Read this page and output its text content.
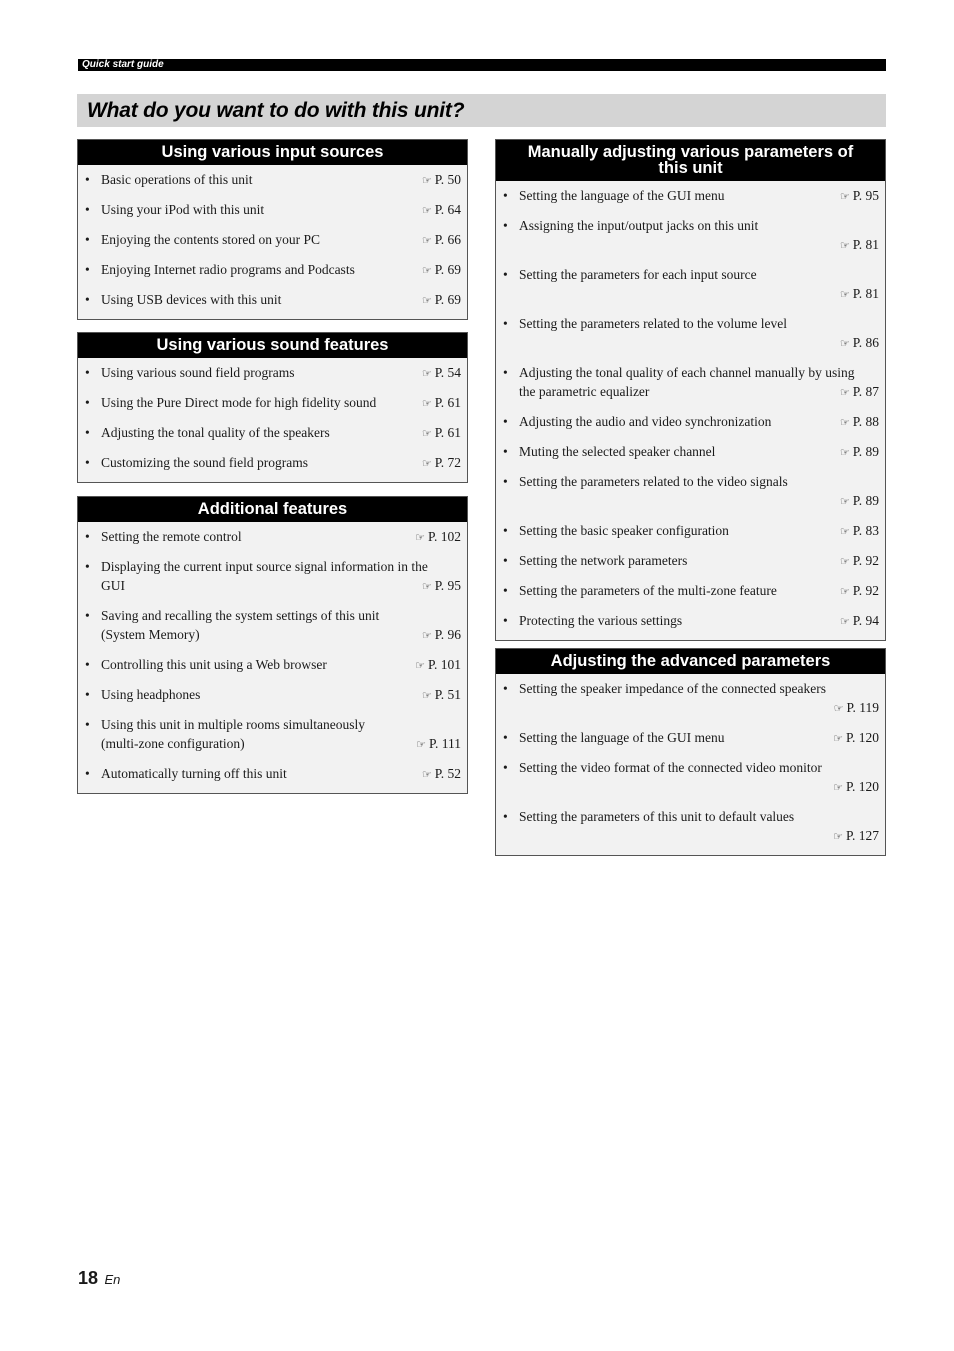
Quick start guide
What do you want to do with this unit?
Using various input sources
• Basic operations of this unit	☞ P. 50
• Using your iPod with this unit	☞ P. 64
• Enjoying the contents stored on your PC	☞ P. 66
• Enjoying Internet radio programs and Podcasts	☞ P. 69
• Using USB devices with this unit	☞ P. 69
Using various sound features
• Using various sound field programs	☞ P. 54
• Using the Pure Direct mode for high fidelity sound	☞ P. 61
• Adjusting the tonal quality of the speakers	☞ P. 61
• Customizing the sound field programs	☞ P. 72
Additional features
• Setting the remote control	☞ P. 102
• Displaying the current input source signal information in the
GUI	☞ P. 95
• Saving and recalling the system settings of this unit
(System Memory)	☞ P. 96
• Controlling this unit using a Web browser	☞ P. 101
• Using headphones	☞ P. 51
• Using this unit in multiple rooms simultaneously
(multi-zone configuration)	☞ P. 111
• Automatically turning off this unit	☞ P. 52
Manually adjusting various parameters of
this unit
• Setting the language of the GUI menu	☞ P. 95
• Assigning the input/output jacks on this unit
☞ P. 81
• Setting the parameters for each input source
☞ P. 81
• Setting the parameters related to the volume level
☞ P. 86
• Adjusting the tonal quality of each channel manually by using
the parametric equalizer	☞ P. 87
• Adjusting the audio and video synchronization	☞ P. 88
• Muting the selected speaker channel	☞ P. 89
• Setting the parameters related to the video signals
☞ P. 89
• Setting the basic speaker configuration	☞ P. 83
• Setting the network parameters	☞ P. 92
• Setting the parameters of the multi-zone feature	☞ P. 92
• Protecting the various settings	☞ P. 94
Adjusting the advanced parameters
• Setting the speaker impedance of the connected speakers
☞ P. 119
• Setting the language of the GUI menu	☞ P. 120
• Setting the video format of the connected video monitor
☞ P. 120
• Setting the parameters of this unit to default values
☞ P. 127
18 En
